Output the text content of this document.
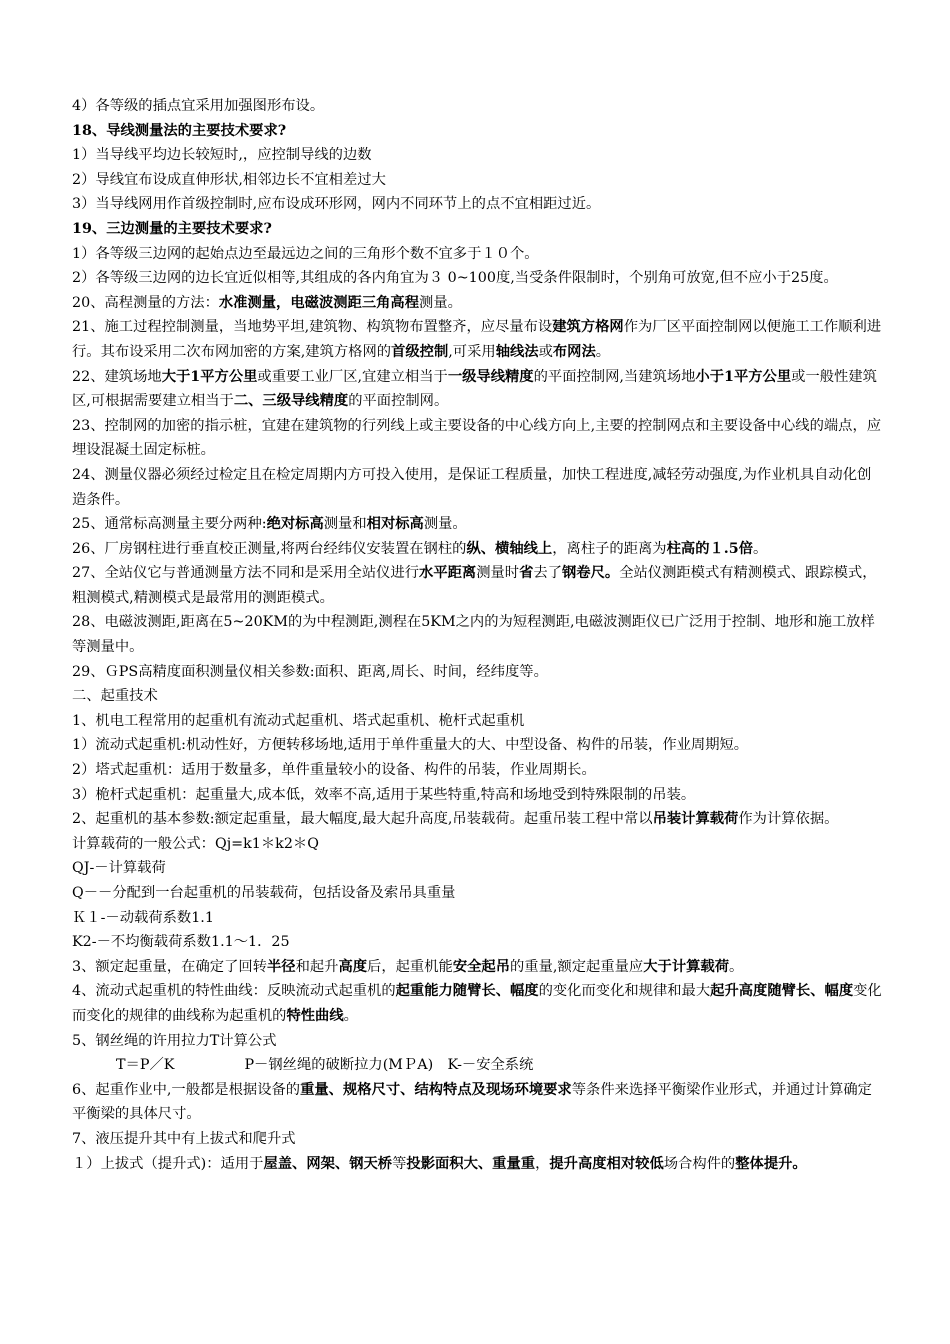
4）各等级的插点宜采用加强图形布设。

18、导线测量法的主要技术要求?

1）当导线平均边长较短时,，应控制导线的边数

2）导线宜布设成直伸形状,相邻边长不宜相差过大

3）当导线网用作首级控制时,应布设成环形网，网内不同环节上的点不宜相距过近。

19、三边测量的主要技术要求?

1）各等级三边网的起始点边至最远边之间的三角形个数不宜多于１０个。

2）各等级三边网的边长宜近似相等,其组成的各内角宜为３ 0~100度,当受条件限制时，个别角可放宽,但不应小于25度。

20、高程测量的方法：水准测量，电磁波测距三角高程测量。

21、施工过程控制测量，当地势平坦,建筑物、构筑物布置整齐，应尽量布设建筑方格网作为厂区平面控制网以便施工工作顺利进行。其布设采用二次布网加密的方案,建筑方格网的首级控制,可采用轴线法或布网法。

22、建筑场地大于1平方公里或重要工业厂区,宜建立相当于一级导线精度的平面控制网,当建筑场地小于1平方公里或一般性建筑区,可根据需要建立相当于二、三级导线精度的平面控制网。

23、控制网的加密的指示桩，宜建在建筑物的行列线上或主要设备的中心线方向上,主要的控制网点和主要设备中心线的端点，应埋设混凝土固定标桩。

24、测量仪器必须经过检定且在检定周期内方可投入使用，是保证工程质量，加快工程进度,减轻劳动强度,为作业机具自动化创造条件。

25、通常标高测量主要分两种:绝对标高测量和相对标高测量。

26、厂房钢柱进行垂直校正测量,将两台经纬仪安装置在钢柱的纵、横轴线上，离柱子的距离为柱高的１.5倍。

27、全站仪它与普通测量方法不同和是采用全站仪进行水平距离测量时省去了钢卷尺。全站仪测距模式有精测模式、跟踪模式，粗测模式,精测模式是最常用的测距模式。

28、电磁波测距,距离在5~20KM的为中程测距,测程在5KM之内的为短程测距,电磁波测距仪已广泛用于控制、地形和施工放样等测量中。

29、ＧPS高精度面积测量仪相关参数:面积、距离,周长、时间，经纬度等。

二、起重技术

1、机电工程常用的起重机有流动式起重机、塔式起重机、桅杆式起重机

1）流动式起重机:机动性好，方便转移场地,适用于单件重量大的大、中型设备、构件的吊装，作业周期短。

2）塔式起重机：适用于数量多，单件重量较小的设备、构件的吊装，作业周期长。

3）桅杆式起重机：起重量大,成本低，效率不高,适用于某些特重,特高和场地受到特殊限制的吊装。

2、起重机的基本参数:额定起重量，最大幅度,最大起升高度,吊装载荷。起重吊装工程中常以吊装计算载荷作为计算依据。

计算载荷的一般公式：Qj=k1＊k2＊Q

QJ-－计算载荷

Q－－分配到一台起重机的吊装载荷，包括设备及索吊具重量

Ｋ１-－动载荷系数1.1

K2-－不均衡载荷系数1.1～1．25

3、额定起重量，在确定了回转半径和起升高度后，起重机能安全起吊的重量,额定起重量应大于计算载荷。

4、流动式起重机的特性曲线：反映流动式起重机的起重能力随臂长、幅度的变化而变化和规律和最大起升高度随臂长、幅度变化而变化的规律的曲线称为起重机的特性曲线。

5、钢丝绳的许用拉力T计算公式

T＝P／K	P－钢丝绳的破断拉力(MＰA)　K-－安全系统

6、起重作业中,一般都是根据设备的重量、规格尺寸、结构特点及现场环境要求等条件来选择平衡梁作业形式，并通过计算确定平衡梁的具体尺寸。

7、液压提升其中有上拔式和爬升式

１）上拔式（提升式)：适用于屋盖、网架、钢天桥等投影面积大、重量重，提升高度相对较低场合构件的整体提升。
